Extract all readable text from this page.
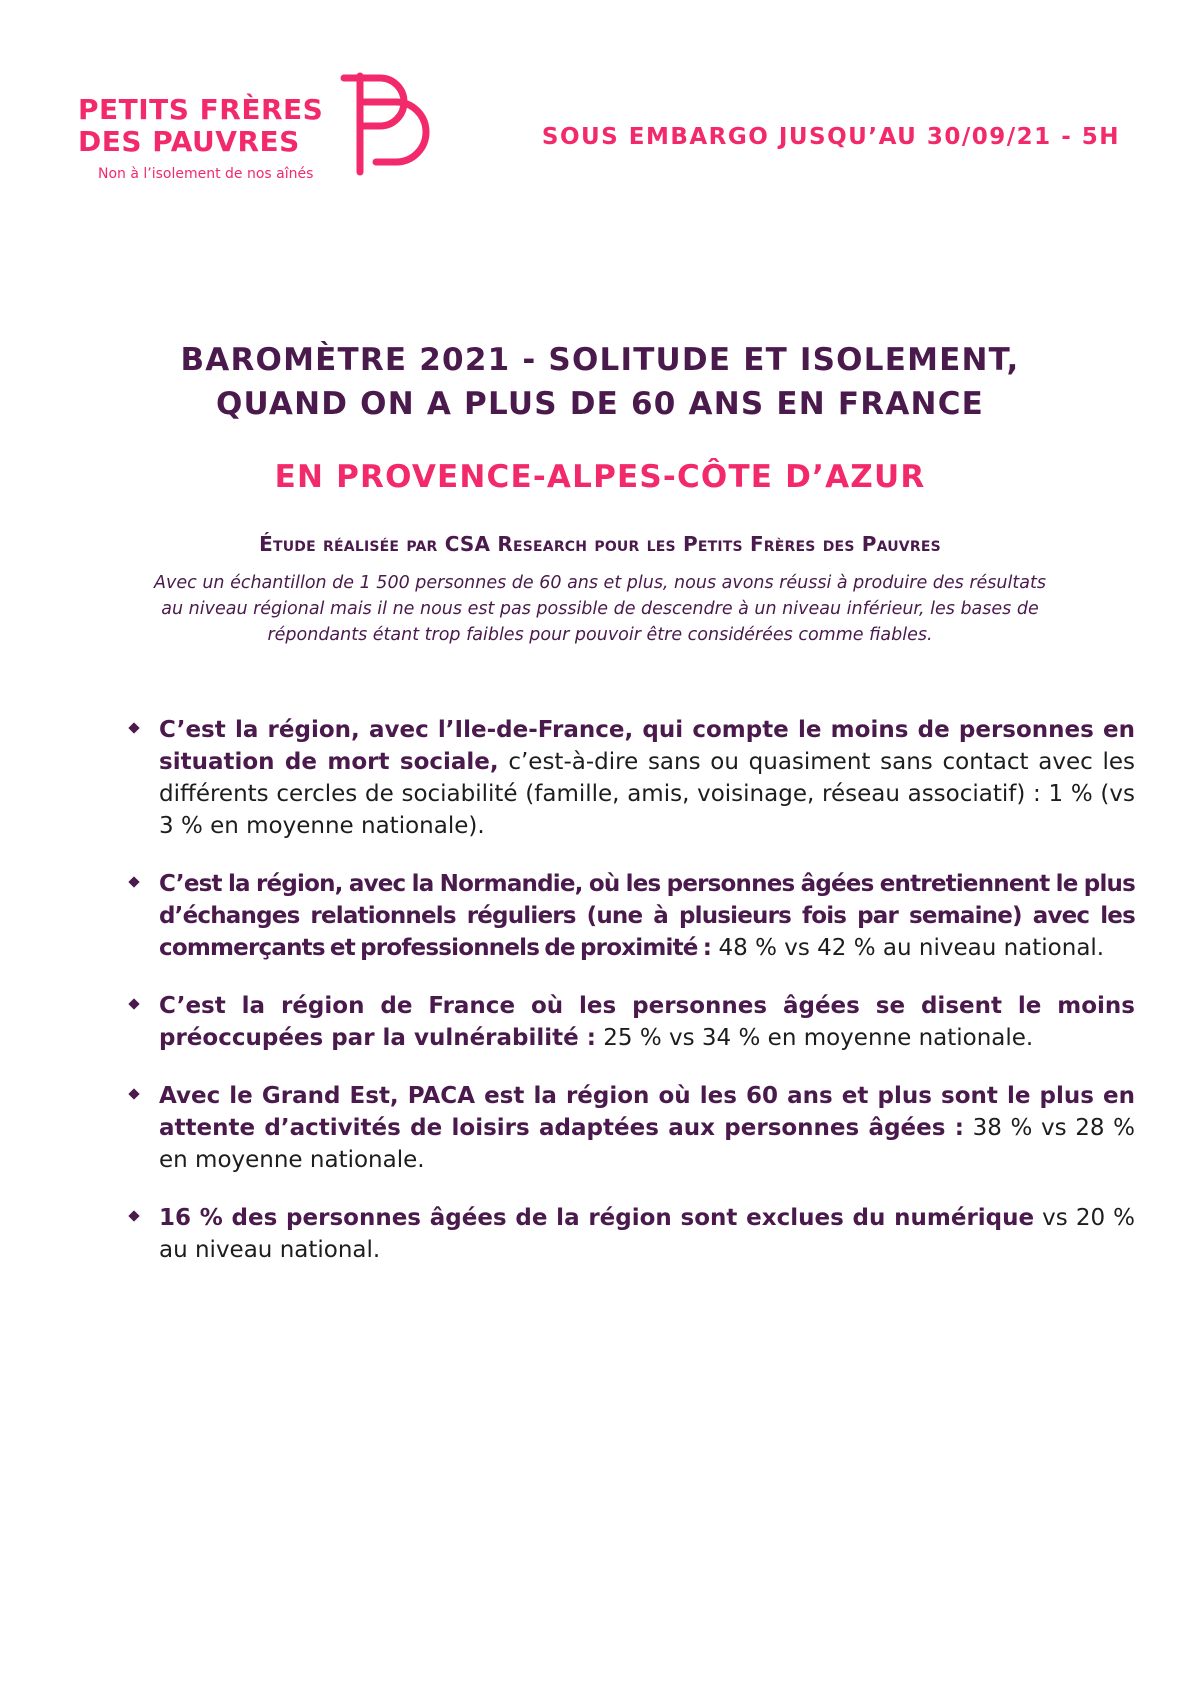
PETITS FRÈRES
DES PAUVRES
Non à l’isolement de nos aînés
SOUS EMBARGO JUSQU’AU 30/09/21 - 5H
BAROMÈTRE 2021 - SOLITUDE ET ISOLEMENT,
QUAND ON A PLUS DE 60 ANS EN FRANCE
EN PROVENCE-ALPES-CÔTE D’AZUR
Étude réalisée par CSA Research pour les Petits Frères des Pauvres
Avec un échantillon de 1 500 personnes de 60 ans et plus, nous avons réussi à produire des résultats
au niveau régional mais il ne nous est pas possible de descendre à un niveau inférieur, les bases de
répondants étant trop faibles pour pouvoir être considérées comme fiables.
C’est la région, avec l’Ile-de-France, qui compte le moins de personnes en situation de mort sociale, c’est-à-dire sans ou quasiment sans contact avec les différents cercles de sociabilité (famille, amis, voisinage, réseau associatif) : 1 % (vs 3 % en moyenne nationale).
C’est la région, avec la Normandie, où les personnes âgées entretiennent le plus d’échanges relationnels réguliers (une à plusieurs fois par semaine) avec les commerçants et professionnels de proximité : 48 % vs 42 % au niveau national.
C’est la région de France où les personnes âgées se disent le moins préoccupées par la vulnérabilité : 25 % vs 34 % en moyenne nationale.
Avec le Grand Est, PACA est la région où les 60 ans et plus sont le plus en attente d’activités de loisirs adaptées aux personnes âgées : 38 % vs 28 % en moyenne nationale.
16 % des personnes âgées de la région sont exclues du numérique vs 20 % au niveau national.
